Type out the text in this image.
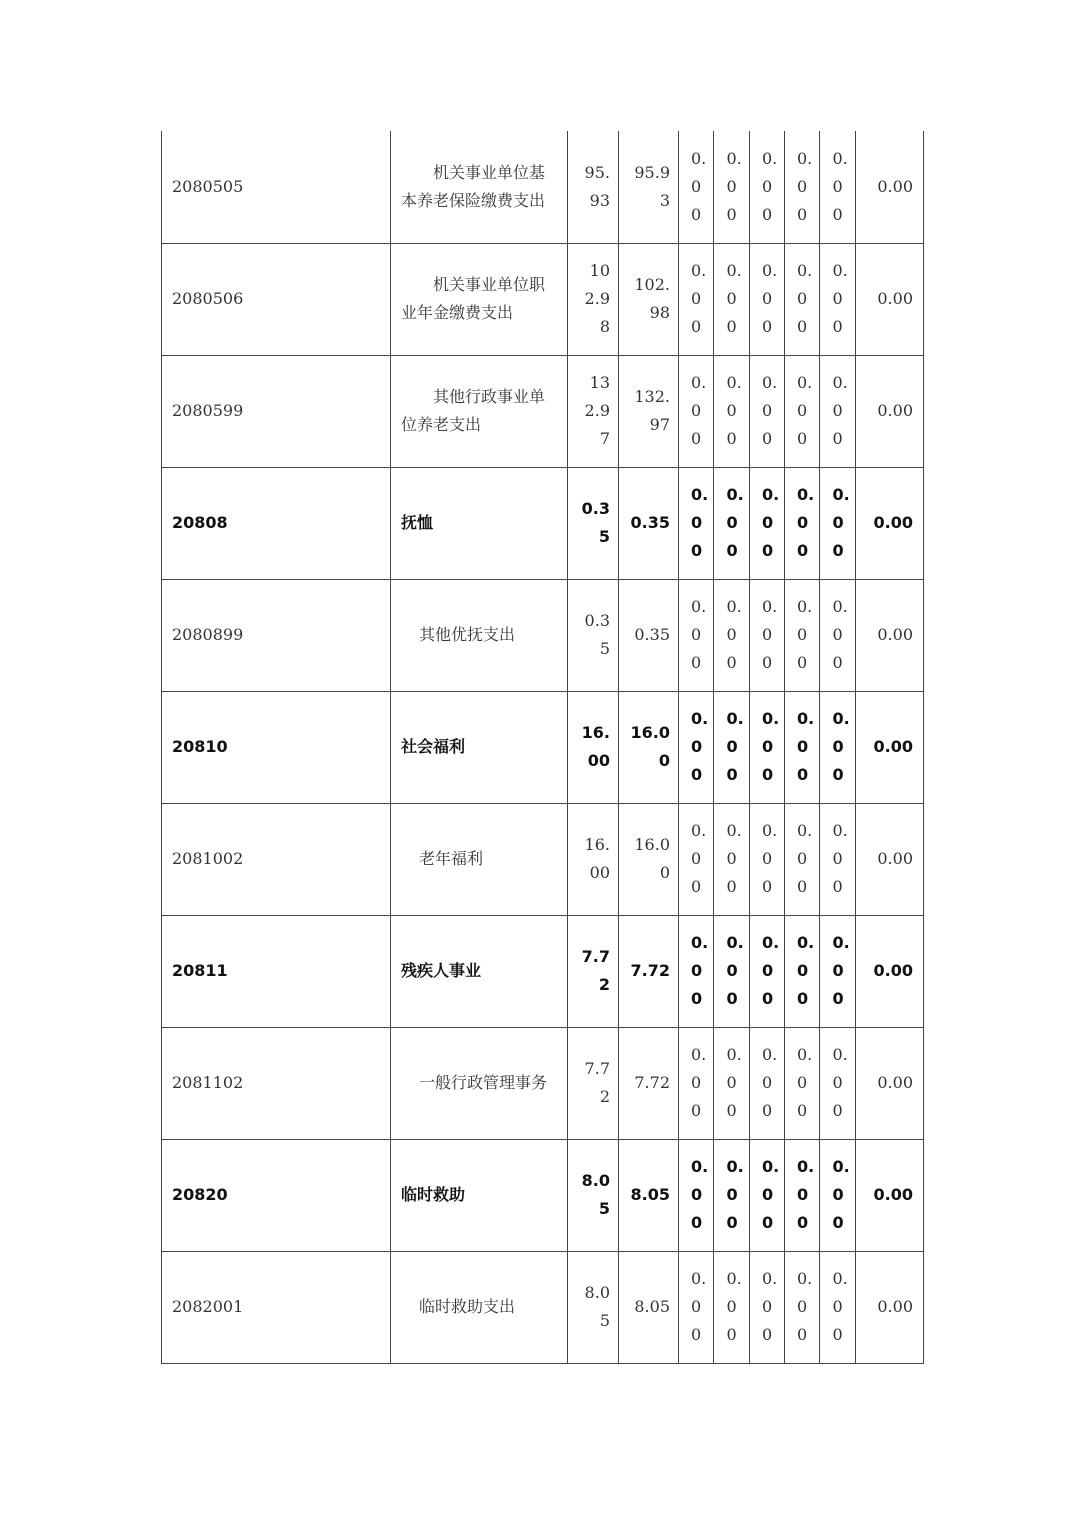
2080505	机关事业单位基本养老保险缴费支出	95.93	95.93	0.00	0.00	0.00	0.00	0.00	0.00
2080506	机关事业单位职业年金缴费支出	102.98	102.98	0.00	0.00	0.00	0.00	0.00	0.00
2080599	其他行政事业单位养老支出	132.97	132.97	0.00	0.00	0.00	0.00	0.00	0.00
20808	抚恤	0.35	0.35	0.00	0.00	0.00	0.00	0.00	0.00
2080899	其他优抚支出	0.35	0.35	0.00	0.00	0.00	0.00	0.00	0.00
20810	社会福利	16.00	16.00	0.00	0.00	0.00	0.00	0.00	0.00
2081002	老年福利	16.00	16.00	0.00	0.00	0.00	0.00	0.00	0.00
20811	残疾人事业	7.72	7.72	0.00	0.00	0.00	0.00	0.00	0.00
2081102	一般行政管理事务	7.72	7.72	0.00	0.00	0.00	0.00	0.00	0.00
20820	临时救助	8.05	8.05	0.00	0.00	0.00	0.00	0.00	0.00
2082001	临时救助支出	8.05	8.05	0.00	0.00	0.00	0.00	0.00	0.00
